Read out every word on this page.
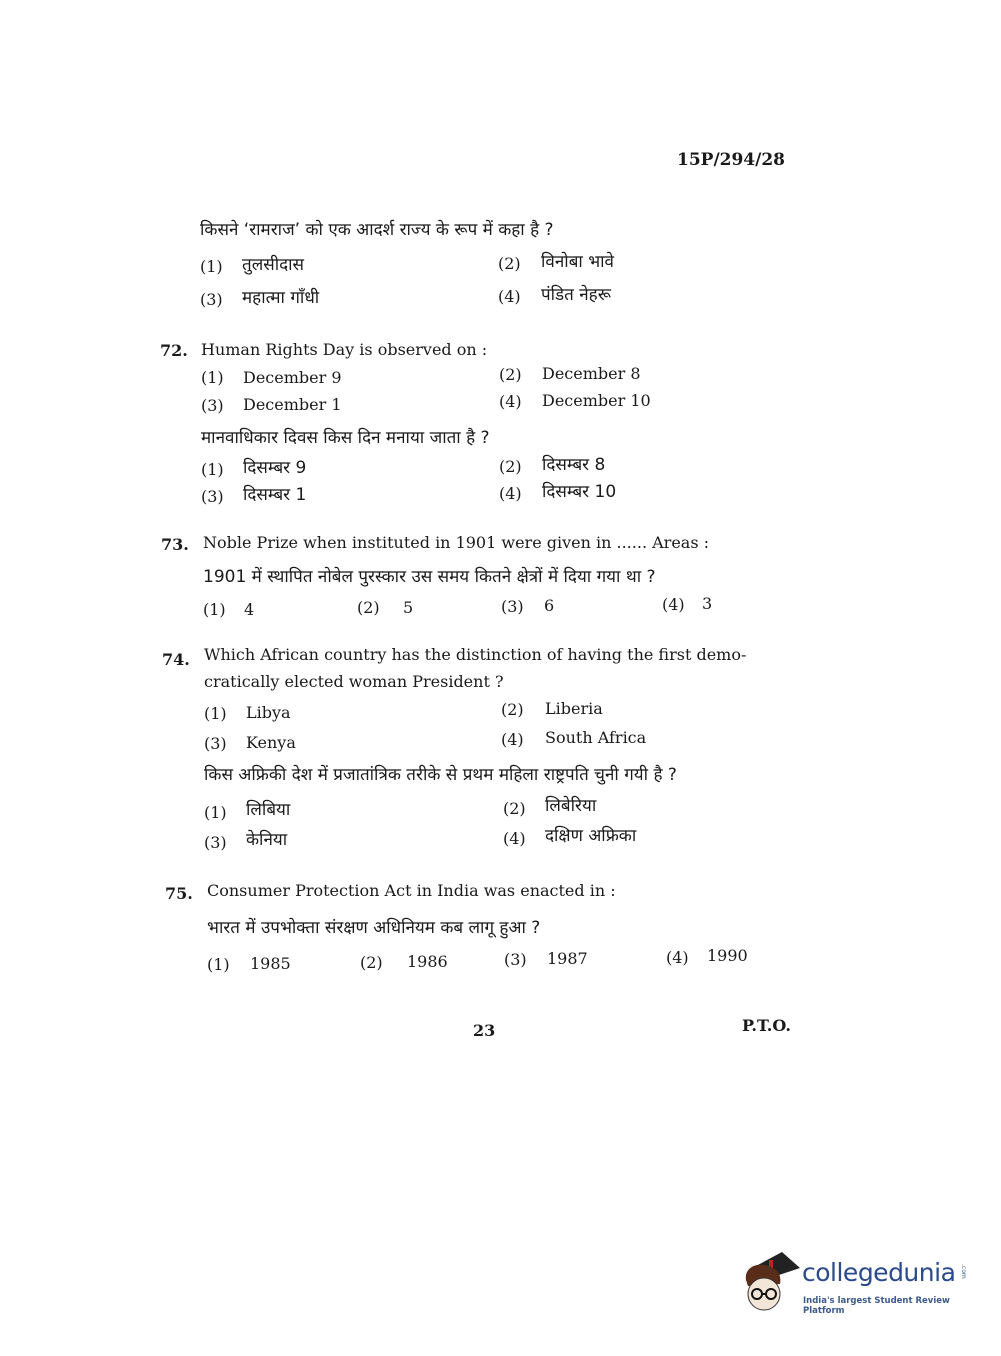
15P/294/28
किसने ‘रामराज’ को एक आदर्श राज्य के रूप में कहा है ?
(1) तुलसीदास	(2) विनोबा भावे
(3) महात्मा गाँधी	(4) पंडित नेहरू
72. Human Rights Day is observed on :
(1) December 9	(2) December 8
(3) December 1	(4) December 10
मानवाधिकार दिवस किस दिन मनाया जाता है ?
(1) दिसम्बर 9	(2) दिसम्बर 8
(3) दिसम्बर 1	(4) दिसम्बर 10
73. Noble Prize when instituted in 1901 were given in ...... Areas :
1901 में स्थापित नोबेल पुरस्कार उस समय कितने क्षेत्रों में दिया गया था ?
(1) 4	(2) 5	(3) 6	(4) 3
74. Which African country has the distinction of having the first demo-
cratically elected woman President ?
(1) Libya	(2) Liberia
(3) Kenya	(4) South Africa
किस अफ्रिकी देश में प्रजातांत्रिक तरीके से प्रथम महिला राष्ट्रपति चुनी गयी है ?
(1) लिबिया	(2) लिबेरिया
(3) केनिया	(4) दक्षिण अफ्रिका
75. Consumer Protection Act in India was enacted in :
भारत में उपभोक्ता संरक्षण अधिनियम कब लागू हुआ ?
(1) 1985	(2) 1986	(3) 1987	(4) 1990
23	P.T.O.
collegedunia .com
India's largest Student Review Platform
